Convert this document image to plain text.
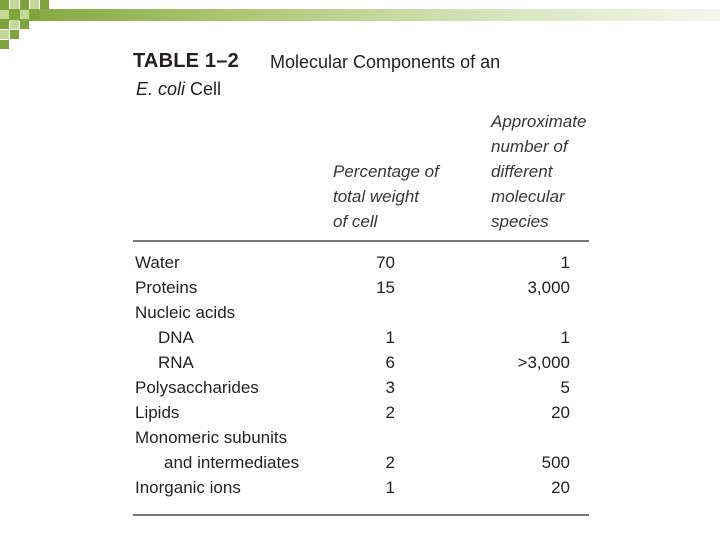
TABLE 1–2 Molecular Components of an
E. coli Cell
Percentage of
total weight
of cell
Approximate
number of
different
molecular
species
Water	70	1
Proteins	15	3,000
Nucleic acids
DNA	1	1
RNA	6	>3,000
Polysaccharides	3	5
Lipids	2	20
Monomeric subunits
and intermediates	2	500
Inorganic ions	1	20
